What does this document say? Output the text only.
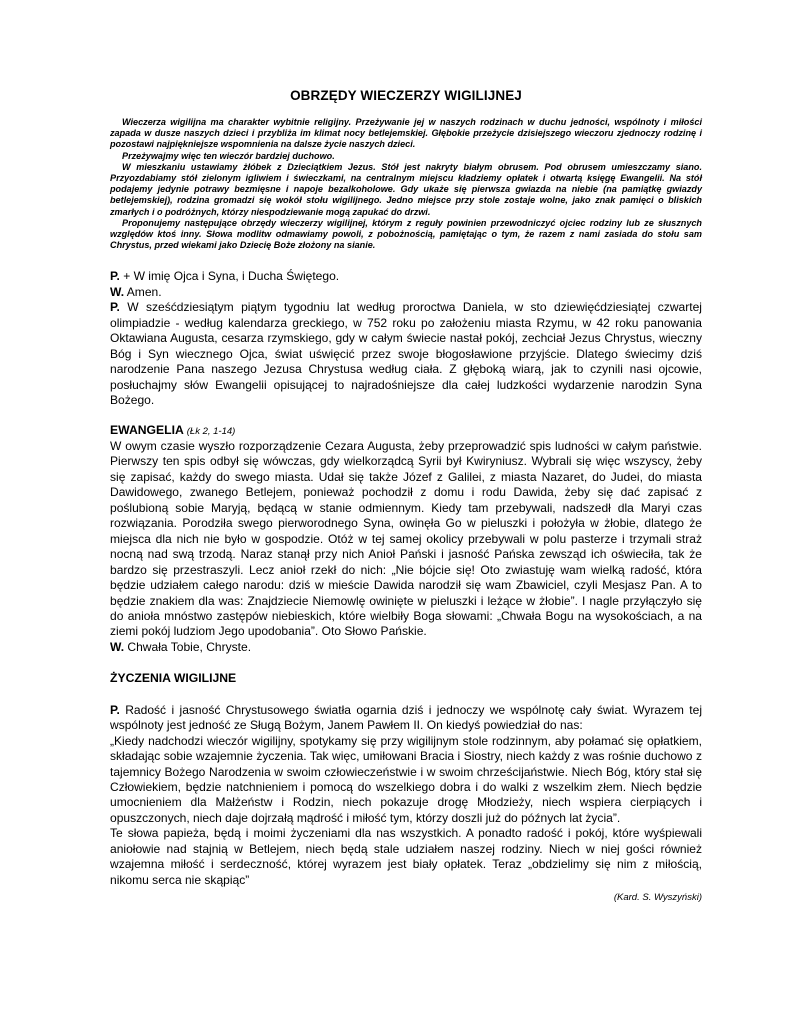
OBRZĘDY WIECZERZY WIGILIJNEJ

Wieczerza wigilijna ma charakter wybitnie religijny. Przeżywanie jej w naszych rodzinach w duchu jedności, wspólnoty i miłości zapada w dusze naszych dzieci i przybliża im klimat nocy betlejemskiej. Głębokie przeżycie dzisiejszego wieczoru zjednoczy rodzinę i pozostawi najpiękniejsze wspomnienia na dalsze życie naszych dzieci.

Przeżywajmy więc ten wieczór bardziej duchowo.

W mieszkaniu ustawiamy żłóbek z Dzieciątkiem Jezus. Stół jest nakryty białym obrusem. Pod obrusem umieszczamy siano. Przyozdabiamy stół zielonym igliwiem i świeczkami, na centralnym miejscu kładziemy opłatek i otwartą księgę Ewangelii. Na stół podajemy jedynie potrawy bezmięsne i napoje bezalkoholowe. Gdy ukaże się pierwsza gwiazda na niebie (na pamiątkę gwiazdy betlejemskiej), rodzina gromadzi się wokół stołu wigilijnego. Jedno miejsce przy stole zostaje wolne, jako znak pamięci o bliskich zmarłych i o podróżnych, którzy niespodziewanie mogą zapukać do drzwi.

Proponujemy następujące obrzędy wieczerzy wigilijnej, którym z reguły powinien przewodniczyć ojciec rodziny lub ze słusznych względów ktoś inny. Słowa modlitw odmawiamy powoli, z pobożnością, pamiętając o tym, że razem z nami zasiada do stołu sam Chrystus, przed wiekami jako Dziecię Boże złożony na sianie.

P. + W imię Ojca i Syna, i Ducha Świętego.

W. Amen.

P. W sześćdziesiątym piątym tygodniu lat według proroctwa Daniela, w sto dziewięćdziesiątej czwartej olimpiadzie - według kalendarza greckiego, w 752 roku po założeniu miasta Rzymu, w 42 roku panowania Oktawiana Augusta, cesarza rzymskiego, gdy w całym świecie nastał pokój, zechciał Jezus Chrystus, wieczny Bóg i Syn wiecznego Ojca, świat uświęcić przez swoje błogosławione przyjście. Dlatego świecimy dziś narodzenie Pana naszego Jezusa Chrystusa według ciała. Z głęboką wiarą, jak to czynili nasi ojcowie, posłuchajmy słów Ewangelii opisującej to najradośniejsze dla całej ludzkości wydarzenie narodzin Syna Bożego.

EWANGELIA (Łk 2, 1-14)

W owym czasie wyszło rozporządzenie Cezara Augusta, żeby przeprowadzić spis ludności w całym państwie. Pierwszy ten spis odbył się wówczas, gdy wielkorządcą Syrii był Kwiryniusz. Wybrali się więc wszyscy, żeby się zapisać, każdy do swego miasta. Udał się także Józef z Galilei, z miasta Nazaret, do Judei, do miasta Dawidowego, zwanego Betlejem, ponieważ pochodził z domu i rodu Dawida, żeby się dać zapisać z poślubioną sobie Maryją, będącą w stanie odmiennym. Kiedy tam przebywali, nadszedł dla Maryi czas rozwiązania. Porodziła swego pierworodnego Syna, owinęła Go w pieluszki i położyła w żłobie, dlatego że miejsca dla nich nie było w gospodzie. Otóż w tej samej okolicy przebywali w polu pasterze i trzymali straż nocną nad swą trzodą. Naraz stanął przy nich Anioł Pański i jasność Pańska zewsząd ich oświeciła, tak że bardzo się przestraszyli. Lecz anioł rzekł do nich: „Nie bójcie się! Oto zwiastuję wam wielką radość, która będzie udziałem całego narodu: dziś w mieście Dawida narodził się wam Zbawiciel, czyli Mesjasz Pan. A to będzie znakiem dla was: Znajdziecie Niemowlę owinięte w pieluszki i leżące w żłobie”. I nagle przyłączyło się do anioła mnóstwo zastępów niebieskich, które wielbiły Boga słowami: „Chwała Bogu na wysokościach, a na ziemi pokój ludziom Jego upodobania”. Oto Słowo Pańskie.

W. Chwała Tobie, Chryste.

ŻYCZENIA WIGILIJNE

P. Radość i jasność Chrystusowego światła ogarnia dziś i jednoczy we wspólnotę cały świat. Wyrazem tej wspólnoty jest jedność ze Sługą Bożym, Janem Pawłem II. On kiedyś powiedział do nas:

„Kiedy nadchodzi wieczór wigilijny, spotykamy się przy wigilijnym stole rodzinnym, aby połamać się opłatkiem, składając sobie wzajemnie życzenia. Tak więc, umiłowani Bracia i Siostry, niech każdy z was rośnie duchowo z tajemnicy Bożego Narodzenia w swoim człowieczeństwie i w swoim chrześcijaństwie. Niech Bóg, który stał się Człowiekiem, będzie natchnieniem i pomocą do wszelkiego dobra i do walki z wszelkim złem. Niech będzie umocnieniem dla Małżeństw i Rodzin, niech pokazuje drogę Młodzieży, niech wspiera cierpiących i opuszczonych, niech daje dojrzałą mądrość i miłość tym, którzy doszli już do późnych lat życia”.

Te słowa papieża, będą i moimi życzeniami dla nas wszystkich. A ponadto radość i pokój, które wyśpiewali aniołowie nad stajnią w Betlejem, niech będą stale udziałem naszej rodziny. Niech w niej gości również wzajemna miłość i serdeczność, której wyrazem jest biały opłatek. Teraz „obdzielimy się nim z miłością, nikomu serca nie skąpiąc”

(Kard. S. Wyszyński)
